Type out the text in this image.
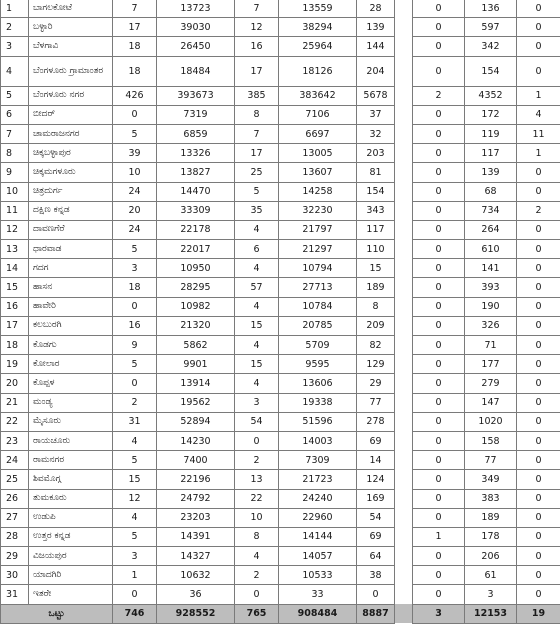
1	ಬಾಗಲಕೋಟೆ	7	13723	7	13559	28		0	136	0
2	ಬಳ್ಳಾರಿ	17	39030	12	38294	139		0	597	0
3	ಬೆಳಗಾವಿ	18	26450	16	25964	144		0	342	0
4	ಬೆಂಗಳೂರು ಗ್ರಾಮಾಂತರ	18	18484	17	18126	204		0	154	0
5	ಬೆಂಗಳೂರು ನಗರ	426	393673	385	383642	5678		2	4352	1
6	ಬೀದರ್	0	7319	8	7106	37		0	172	4
7	ಚಾಮರಾಜನಗರ	5	6859	7	6697	32		0	119	11
8	ಚಿಕ್ಕಬಳ್ಳಾಪುರ	39	13326	17	13005	203		0	117	1
9	ಚಿಕ್ಕಮಗಳೂರು	10	13827	25	13607	81		0	139	0
10	ಚಿತ್ರದುರ್ಗ	24	14470	5	14258	154		0	68	0
11	ದಕ್ಷಿಣ ಕನ್ನಡ	20	33309	35	32230	343		0	734	2
12	ದಾವಣಗೆರೆ	24	22178	4	21797	117		0	264	0
13	ಧಾರವಾಡ	5	22017	6	21297	110		0	610	0
14	ಗದಗ	3	10950	4	10794	15		0	141	0
15	ಹಾಸನ	18	28295	57	27713	189		0	393	0
16	ಹಾವೇರಿ	0	10982	4	10784	8		0	190	0
17	ಕಲಬುರಗಿ	16	21320	15	20785	209		0	326	0
18	ಕೊಡಗು	9	5862	4	5709	82		0	71	0
19	ಕೋಲಾರ	5	9901	15	9595	129		0	177	0
20	ಕೊಪ್ಪಳ	0	13914	4	13606	29		0	279	0
21	ಮಂಡ್ಯ	2	19562	3	19338	77		0	147	0
22	ಮೈಸೂರು	31	52894	54	51596	278		0	1020	0
23	ರಾಯಚೂರು	4	14230	0	14003	69		0	158	0
24	ರಾಮನಗರ	5	7400	2	7309	14		0	77	0
25	ಶಿವಮೊಗ್ಗ	15	22196	13	21723	124		0	349	0
26	ತುಮಕೂರು	12	24792	22	24240	169		0	383	0
27	ಉಡುಪಿ	4	23203	10	22960	54		0	189	0
28	ಉತ್ತರ ಕನ್ನಡ	5	14391	8	14144	69		1	178	0
29	ವಿಜಯಪುರ	3	14327	4	14057	64		0	206	0
30	ಯಾದಗಿರಿ	1	10632	2	10533	38		0	61	0
31	ಇತರೇ	0	36	0	33	0		0	3	0
ಒಟ್ಟು		746	928552	765	908484	8887		3	12153	19
